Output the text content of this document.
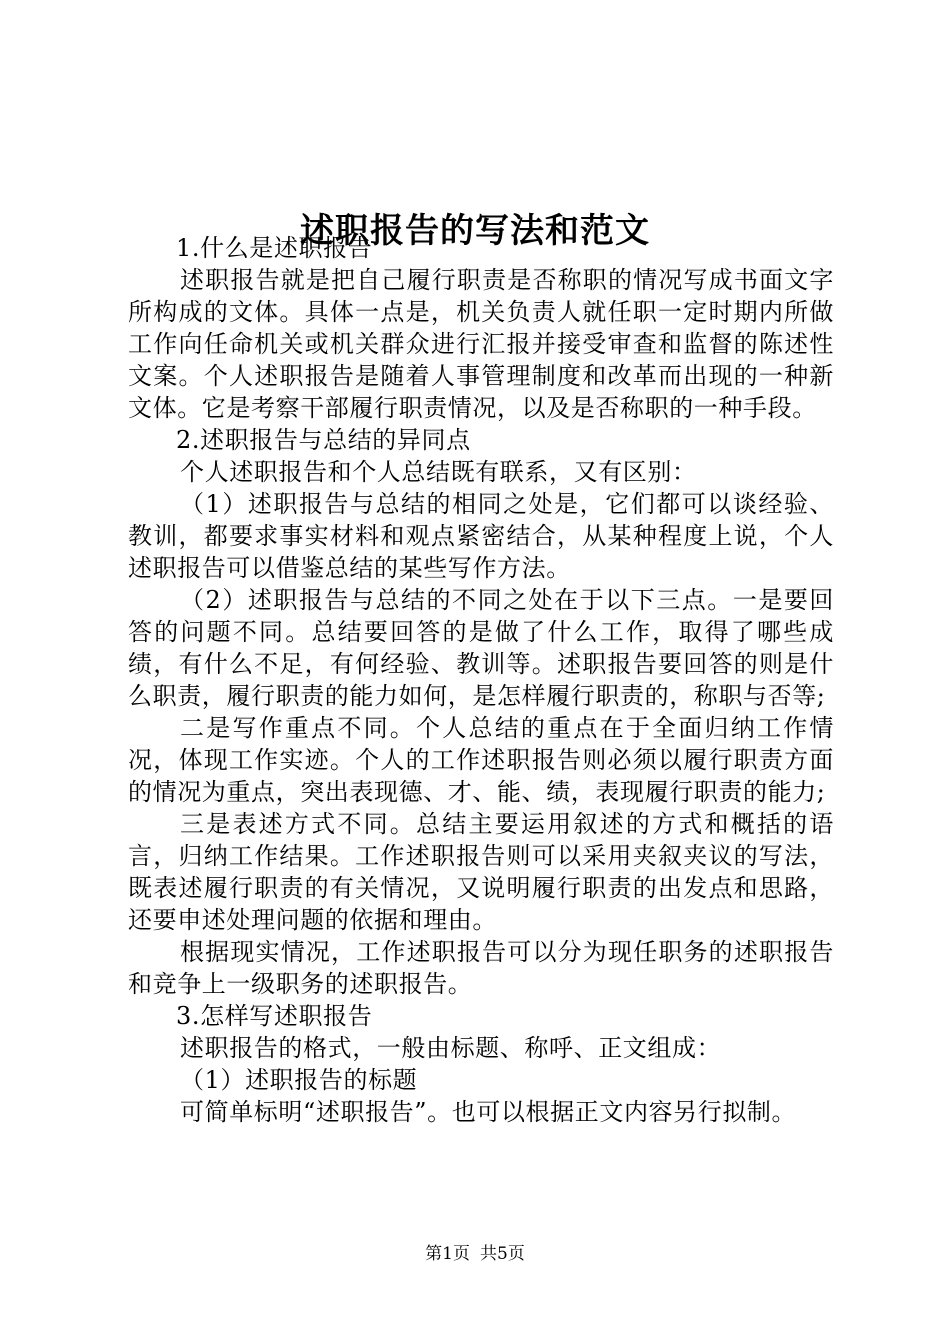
述职报告的写法和范文

1.什么是述职报告

述职报告就是把自己履行职责是否称职的情况写成书面文字所构成的文体。具体一点是，机关负责人就任职一定时期内所做工作向任命机关或机关群众进行汇报并接受审查和监督的陈述性文案。个人述职报告是随着人事管理制度和改革而出现的一种新文体。它是考察干部履行职责情况，以及是否称职的一种手段。

2.述职报告与总结的异同点

个人述职报告和个人总结既有联系，又有区别：

（1）述职报告与总结的相同之处是，它们都可以谈经验、教训，都要求事实材料和观点紧密结合，从某种程度上说，个人述职报告可以借鉴总结的某些写作方法。

（2）述职报告与总结的不同之处在于以下三点。一是要回答的问题不同。总结要回答的是做了什么工作，取得了哪些成绩，有什么不足，有何经验、教训等。述职报告要回答的则是什么职责，履行职责的能力如何，是怎样履行职责的，称职与否等;

二是写作重点不同。个人总结的重点在于全面归纳工作情况，体现工作实迹。个人的工作述职报告则必须以履行职责方面的情况为重点，突出表现德、才、能、绩，表现履行职责的能力;

三是表述方式不同。总结主要运用叙述的方式和概括的语言，归纳工作结果。工作述职报告则可以采用夹叙夹议的写法，既表述履行职责的有关情况，又说明履行职责的出发点和思路，还要申述处理问题的依据和理由。

根据现实情况，工作述职报告可以分为现任职务的述职报告和竞争上一级职务的述职报告。

3.怎样写述职报告

述职报告的格式，一般由标题、称呼、正文组成：

（1）述职报告的标题

可简单标明“述职报告”。也可以根据正文内容另行拟制。

第1页 共5页
